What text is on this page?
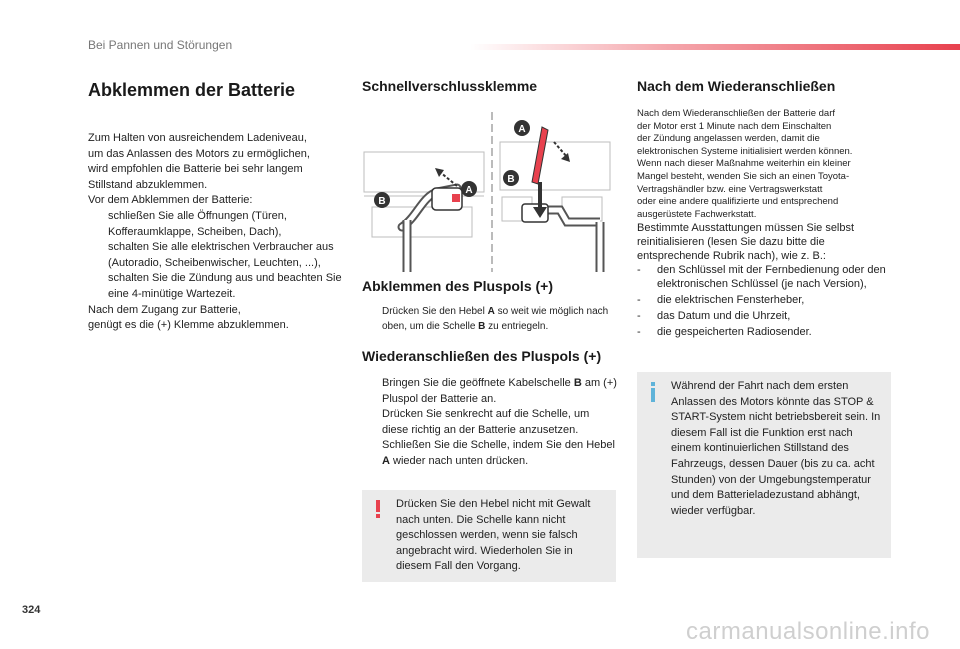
Bei Pannen und Störungen
Abklemmen der Batterie
Zum Halten von ausreichendem Ladeniveau,
um das Anlassen des Motors zu ermöglichen,
wird empfohlen die Batterie bei sehr langem
Stillstand abzuklemmen.
Vor dem Abklemmen der Batterie:
schließen Sie alle Öffnungen (Türen, Kofferaumklappe, Scheiben, Dach),
schalten Sie alle elektrischen Verbraucher aus (Autoradio, Scheibenwischer, Leuchten, ...),
schalten Sie die Zündung aus und beachten Sie eine 4-minütige Wartezeit.
Nach dem Zugang zur Batterie,
genügt es die (+) Klemme abzuklemmen.
Schnellverschlussklemme
B
A
A
B
Abklemmen des Pluspols (+)
Drücken Sie den Hebel A so weit wie möglich nach oben, um die Schelle B zu entriegeln.
Wiederanschließen des Pluspols (+)
Bringen Sie die geöffnete Kabelschelle B am (+) Pluspol der Batterie an.
Drücken Sie senkrecht auf die Schelle, um diese richtig an der Batterie anzusetzen.
Schließen Sie die Schelle, indem Sie den Hebel A wieder nach unten drücken.
Drücken Sie den Hebel nicht mit Gewalt nach unten. Die Schelle kann nicht geschlossen werden, wenn sie falsch angebracht wird. Wiederholen Sie in diesem Fall den Vorgang.
Nach dem Wiederanschließen
Nach dem Wiederanschließen der Batterie darf
der Motor erst 1 Minute nach dem Einschalten
der Zündung angelassen werden, damit die
elektronischen Systeme initialisiert werden können.
Wenn nach dieser Maßnahme weiterhin ein kleiner
Mangel besteht, wenden Sie sich an einen Toyota-
Vertragshändler bzw. eine Vertragswerkstatt
oder eine andere qualifizierte und entsprechend
ausgerüstete Fachwerkstatt.
Bestimmte Ausstattungen müssen Sie selbst
reinitialisieren (lesen Sie dazu bitte die
entsprechende Rubrik nach), wie z. B.:
- den Schlüssel mit der Fernbedienung oder den elektronischen Schlüssel (je nach Version),
- die elektrischen Fensterheber,
- das Datum und die Uhrzeit,
- die gespeicherten Radiosender.
Während der Fahrt nach dem ersten Anlassen des Motors könnte das STOP & START-System nicht betriebsbereit sein. In diesem Fall ist die Funktion erst nach einem kontinuierlichen Stillstand des Fahrzeugs, dessen Dauer (bis zu ca. acht Stunden) von der Umgebungstemperatur und dem Batterieladezustand abhängt, wieder verfügbar.
324
carmanualsonline.info
